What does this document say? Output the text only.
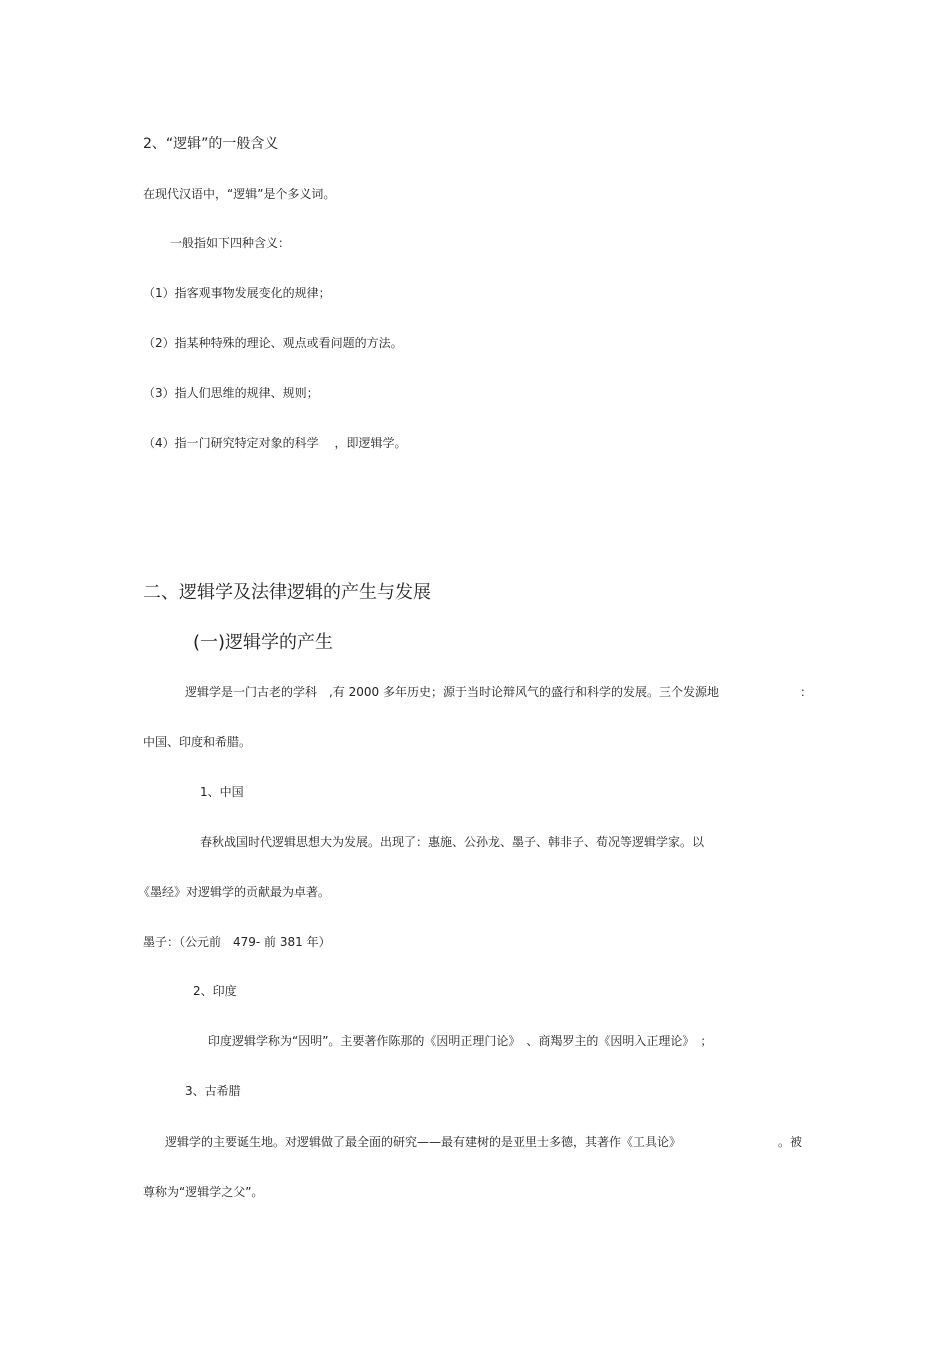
2、“逻辑”的一般含义
在现代汉语中，“逻辑”是个多义词。
一般指如下四种含义：
（1）指客观事物发展变化的规律；
（2）指某种特殊的理论、观点或看问题的方法。
（3）指人们思维的规律、规则；
（4）指一门研究特定对象的科学　 ，即逻辑学。
二、逻辑学及法律逻辑的产生与发展
(一)逻辑学的产生
逻辑学是一门古老的学科　,有 2000 多年历史；源于当时论辩风气的盛行和科学的发展。三个发源地	：
中国、印度和希腊。
1、中国
春秋战国时代逻辑思想大为发展。出现了：惠施、公孙龙、墨子、韩非子、荀况等逻辑学家。以
《墨经》对逻辑学的贡献最为卓著。
墨子：（公元前　479- 前 381 年）
2、印度
印度逻辑学称为“因明”。主要著作陈那的《因明正理门论》　、商羯罗主的《因明入正理论》　；
3、古希腊
逻辑学的主要诞生地。对逻辑做了最全面的研究——最有建树的是亚里士多德，其著作《工具论》	。被
尊称为“逻辑学之父”。
